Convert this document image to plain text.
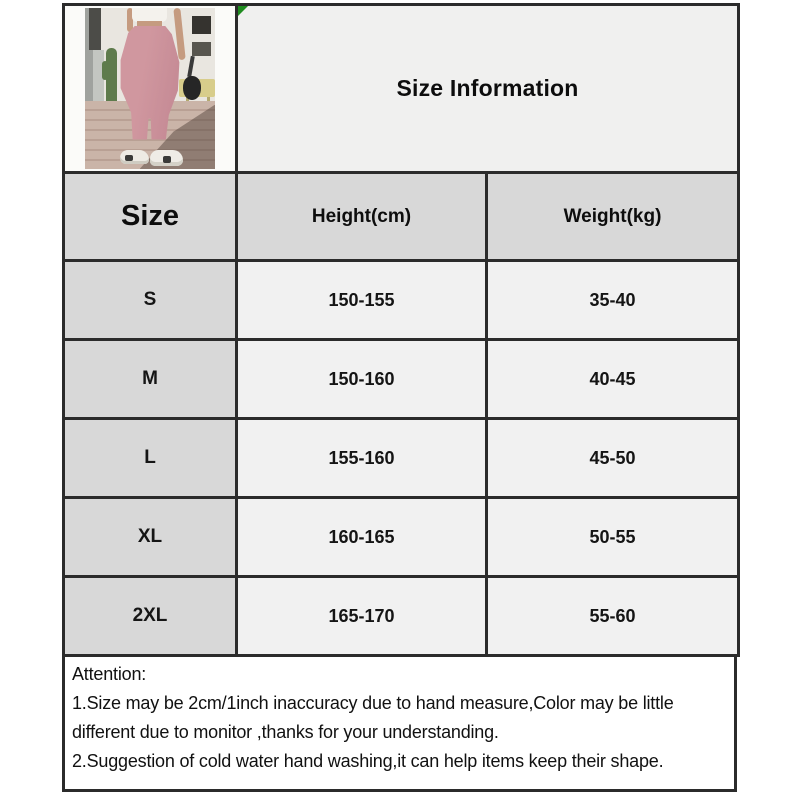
Size Information	
Size	Height(cm)	Weight(kg)
S	150-155	35-40
M	150-160	40-45
L	155-160	45-50
XL	160-165	50-55
2XL	165-170	55-60
Attention:
1.Size may be 2cm/1inch inaccuracy due to hand measure,Color may be little different due to monitor ,thanks for your understanding.
2.Suggestion of cold water hand washing,it can help items keep their shape.
